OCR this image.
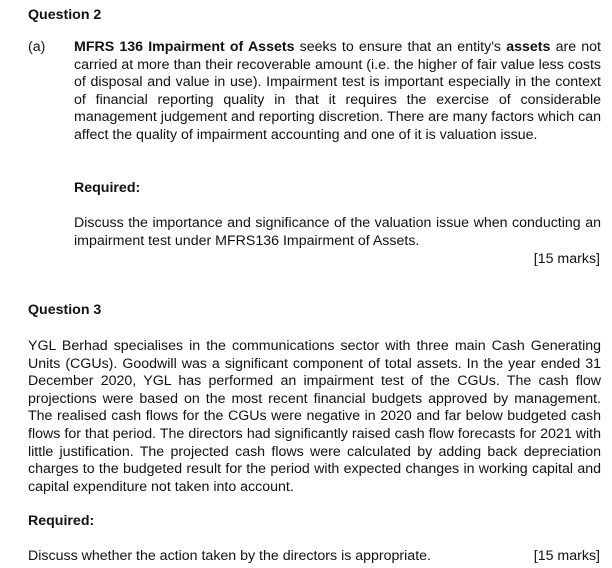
Question 2
(a) MFRS 136 Impairment of Assets seeks to ensure that an entity's assets are not carried at more than their recoverable amount (i.e. the higher of fair value less costs of disposal and value in use). Impairment test is important especially in the context of financial reporting quality in that it requires the exercise of considerable management judgement and reporting discretion. There are many factors which can affect the quality of impairment accounting and one of it is valuation issue.
Required:
Discuss the importance and significance of the valuation issue when conducting an impairment test under MFRS136 Impairment of Assets.
[15 marks]
Question 3
YGL Berhad specialises in the communications sector with three main Cash Generating Units (CGUs). Goodwill was a significant component of total assets. In the year ended 31 December 2020, YGL has performed an impairment test of the CGUs. The cash flow projections were based on the most recent financial budgets approved by management. The realised cash flows for the CGUs were negative in 2020 and far below budgeted cash flows for that period. The directors had significantly raised cash flow forecasts for 2021 with little justification. The projected cash flows were calculated by adding back depreciation charges to the budgeted result for the period with expected changes in working capital and capital expenditure not taken into account.
Required:
Discuss whether the action taken by the directors is appropriate.	[15 marks]
